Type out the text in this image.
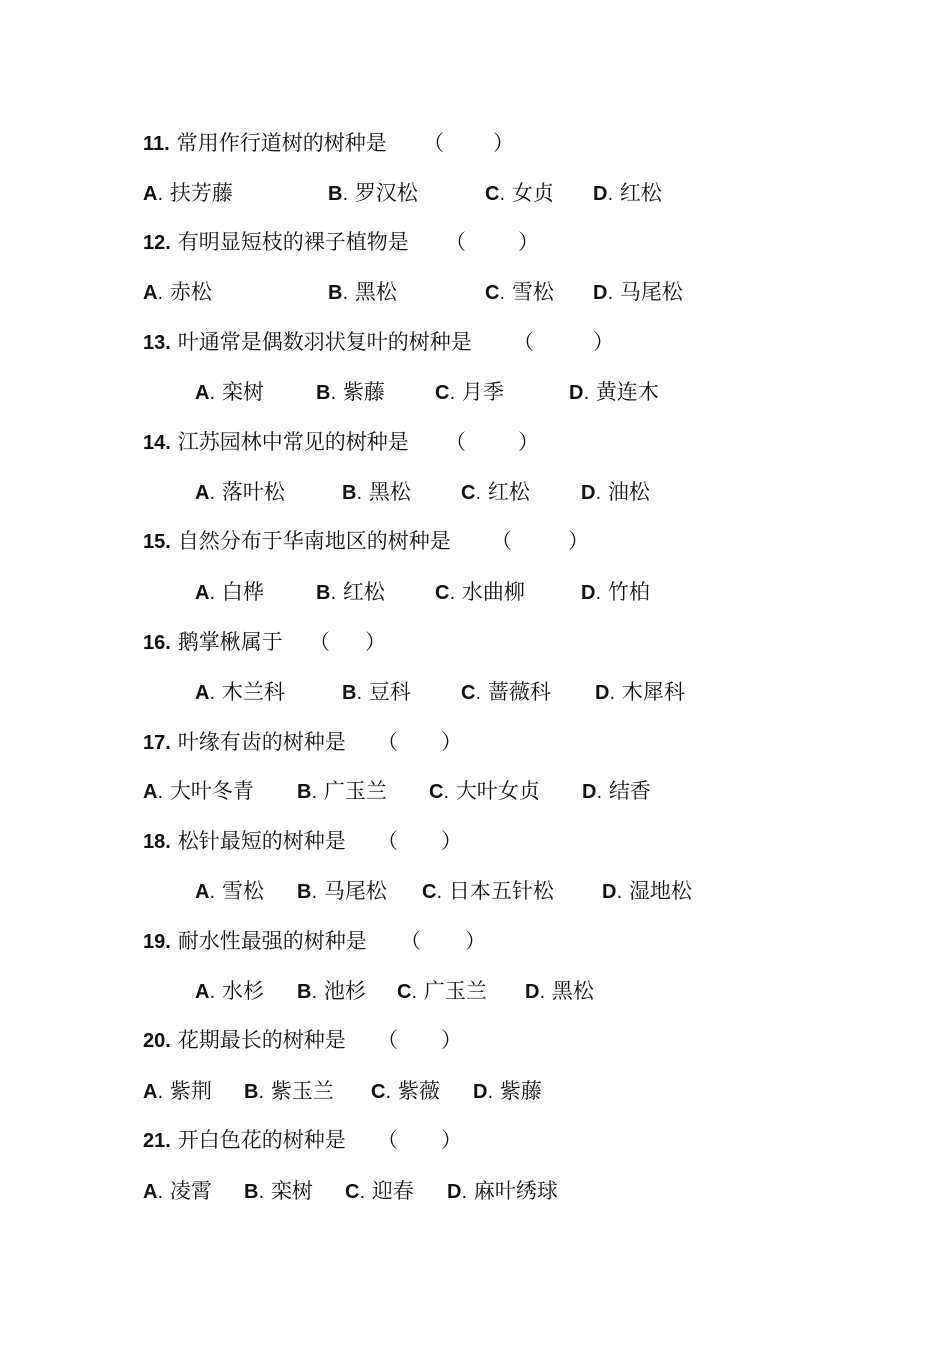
11. 常用作行道树的树种是 （ ）
A. 扶芳藤	B. 罗汉松	C. 女贞 D. 红松
12. 有明显短枝的裸子植物是 （ ）
A. 赤松	B. 黑松	C. 雪松 D. 马尾松
13. 叶通常是偶数羽状复叶的树种是 （	）
A. 栾树	B. 紫藤	C. 月季	D. 黄连木
14. 江苏园林中常见的树种是 （ ）
A. 落叶松	B. 黑松	C. 红松	D. 油松
15. 自然分布于华南地区的树种是 （	）
A. 白桦	B. 红松	C. 水曲柳	D. 竹柏
16. 鹅掌楸属于 （ ）
A. 木兰科	B. 豆科	C. 蔷薇科 D. 木犀科
17. 叶缘有齿的树种是 （ ）
A. 大叶冬青 B. 广玉兰 C. 大叶女贞 D. 结香
18. 松针最短的树种是 （ ）
A. 雪松 B. 马尾松 C. 日本五针松 D. 湿地松
19. 耐水性最强的树种是 （ ）
A. 水杉 B. 池杉 C. 广玉兰 D. 黑松
20. 花期最长的树种是 （ ）
A. 紫荆 B. 紫玉兰 C. 紫薇 D. 紫藤
21. 开白色花的树种是 （ ）
A. 凌霄 B. 栾树 C. 迎春 D. 麻叶绣球
